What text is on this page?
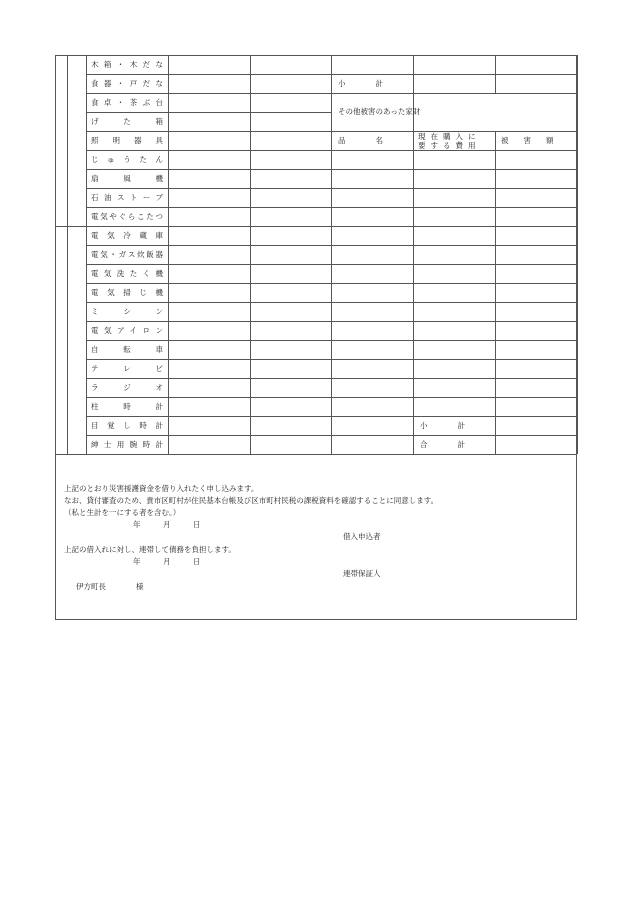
木箱・木だな
食器・戸だな
食卓・茶ぶ台
げた箱
照明器具
じゅうたん
扇風機
石油ストーブ
電気やぐらこたつ
電気冷蔵庫
電気・ガス炊飯器
電気洗たく機
電気掃じ機
ミシン
電気アイロン
自転車
テレビ
ラジオ
柱時計
目覚し時計
紳士用腕時計
小　　　　計
その他被害のあった家財
品　　　　名	現在購入に
要する費用
被　　害　　額
小　　　　計
合　　　　計
上記のとおり災害援護資金を借り入れたく申し込みます。
なお、貸付審査のため、貴市区町村が住民基本台帳及び区市町村民税の課税資料を確認することに同意します。
（私と生計を一にする者を含む。）
年　　　月　　　日
借入申込者
上記の借入れに対し、連帯して債務を負担します。
年　　　月　　　日
連帯保証人
伊方町長　　　　様
